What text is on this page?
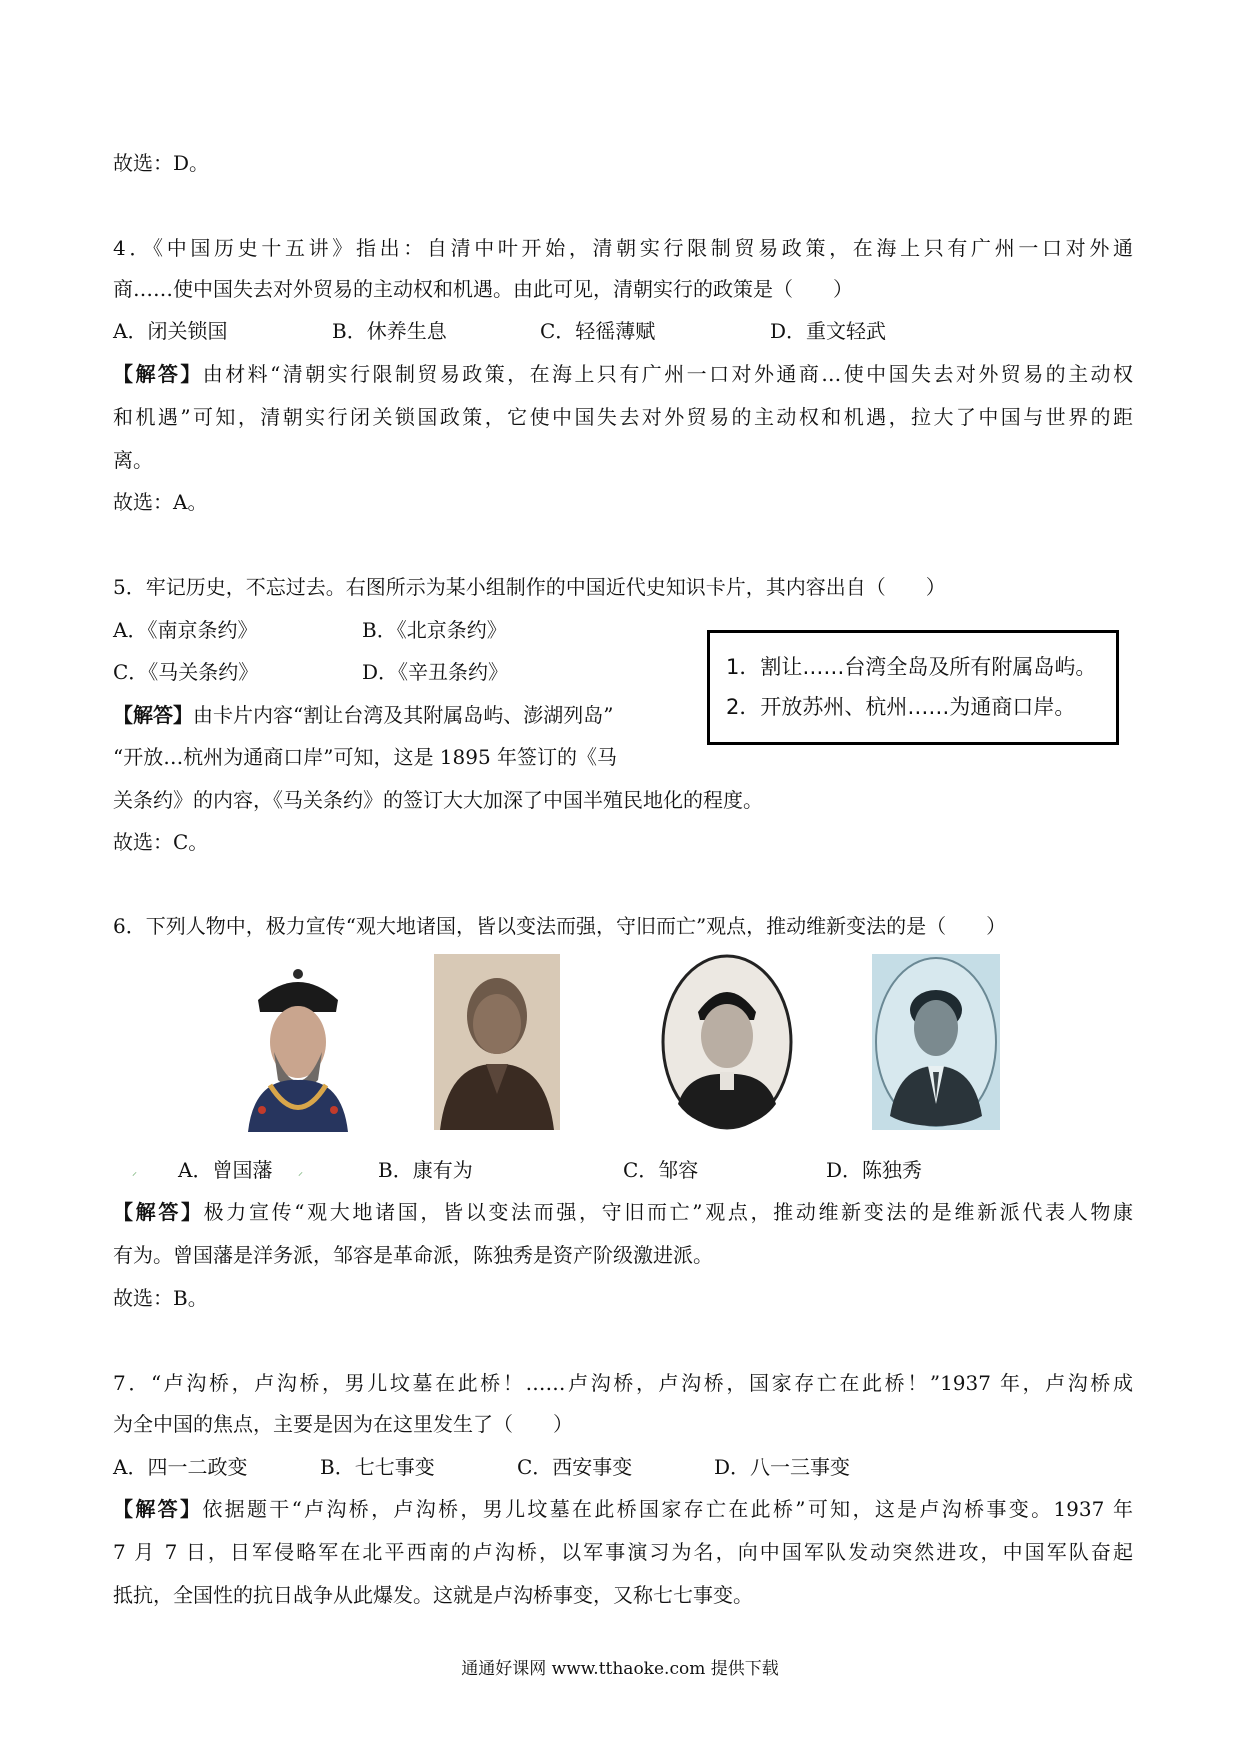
故选：D。
4．《中国历史十五讲》指出：自清中叶开始，清朝实行限制贸易政策，在海上只有广州一口对外通
商……使中国失去对外贸易的主动权和机遇。由此可见，清朝实行的政策是（　　）
A．闭关锁国	B．休养生息	C．轻徭薄赋	D．重文轻武
【解答】由材料“清朝实行限制贸易政策，在海上只有广州一口对外通商…使中国失去对外贸易的主动权
和机遇”可知，清朝实行闭关锁国政策，它使中国失去对外贸易的主动权和机遇，拉大了中国与世界的距
离。
故选：A。
5．牢记历史，不忘过去。右图所示为某小组制作的中国近代史知识卡片，其内容出自（　　）
A．《南京条约》	B．《北京条约》
C．《马关条约》	D．《辛丑条约》	1．割让……台湾全岛及所有附属岛屿。
2．开放苏州、杭州……为通商口岸。
【解答】由卡片内容“割让台湾及其附属岛屿、澎湖列岛”
“开放…杭州为通商口岸”可知，这是 1895 年签订的《马
关条约》的内容，《马关条约》的签订大大加深了中国半殖民地化的程度。
故选：C。
6．下列人物中，极力宣传“观大地诸国，皆以变法而强，守旧而亡”观点，推动维新变法的是（　　）
⸝	⸝
A．曾国藩	B．康有为	C．邹容	D．陈独秀
【解答】极力宣传“观大地诸国，皆以变法而强，守旧而亡”观点，推动维新变法的是维新派代表人物康
有为。曾国藩是洋务派，邹容是革命派，陈独秀是资产阶级激进派。
故选：B。
7．“卢沟桥，卢沟桥，男儿坟墓在此桥！……卢沟桥，卢沟桥，国家存亡在此桥！”1937 年，卢沟桥成
为全中国的焦点，主要是因为在这里发生了（　　）
A．四一二政变	B．七七事变	C．西安事变	D．八一三事变
【解答】依据题干“卢沟桥，卢沟桥，男儿坟墓在此桥国家存亡在此桥”可知，这是卢沟桥事变。1937 年
7 月 7 日，日军侵略军在北平西南的卢沟桥，以军事演习为名，向中国军队发动突然进攻，中国军队奋起
抵抗，全国性的抗日战争从此爆发。这就是卢沟桥事变，又称七七事变。
通通好课网 www.tthaoke.com 提供下载
